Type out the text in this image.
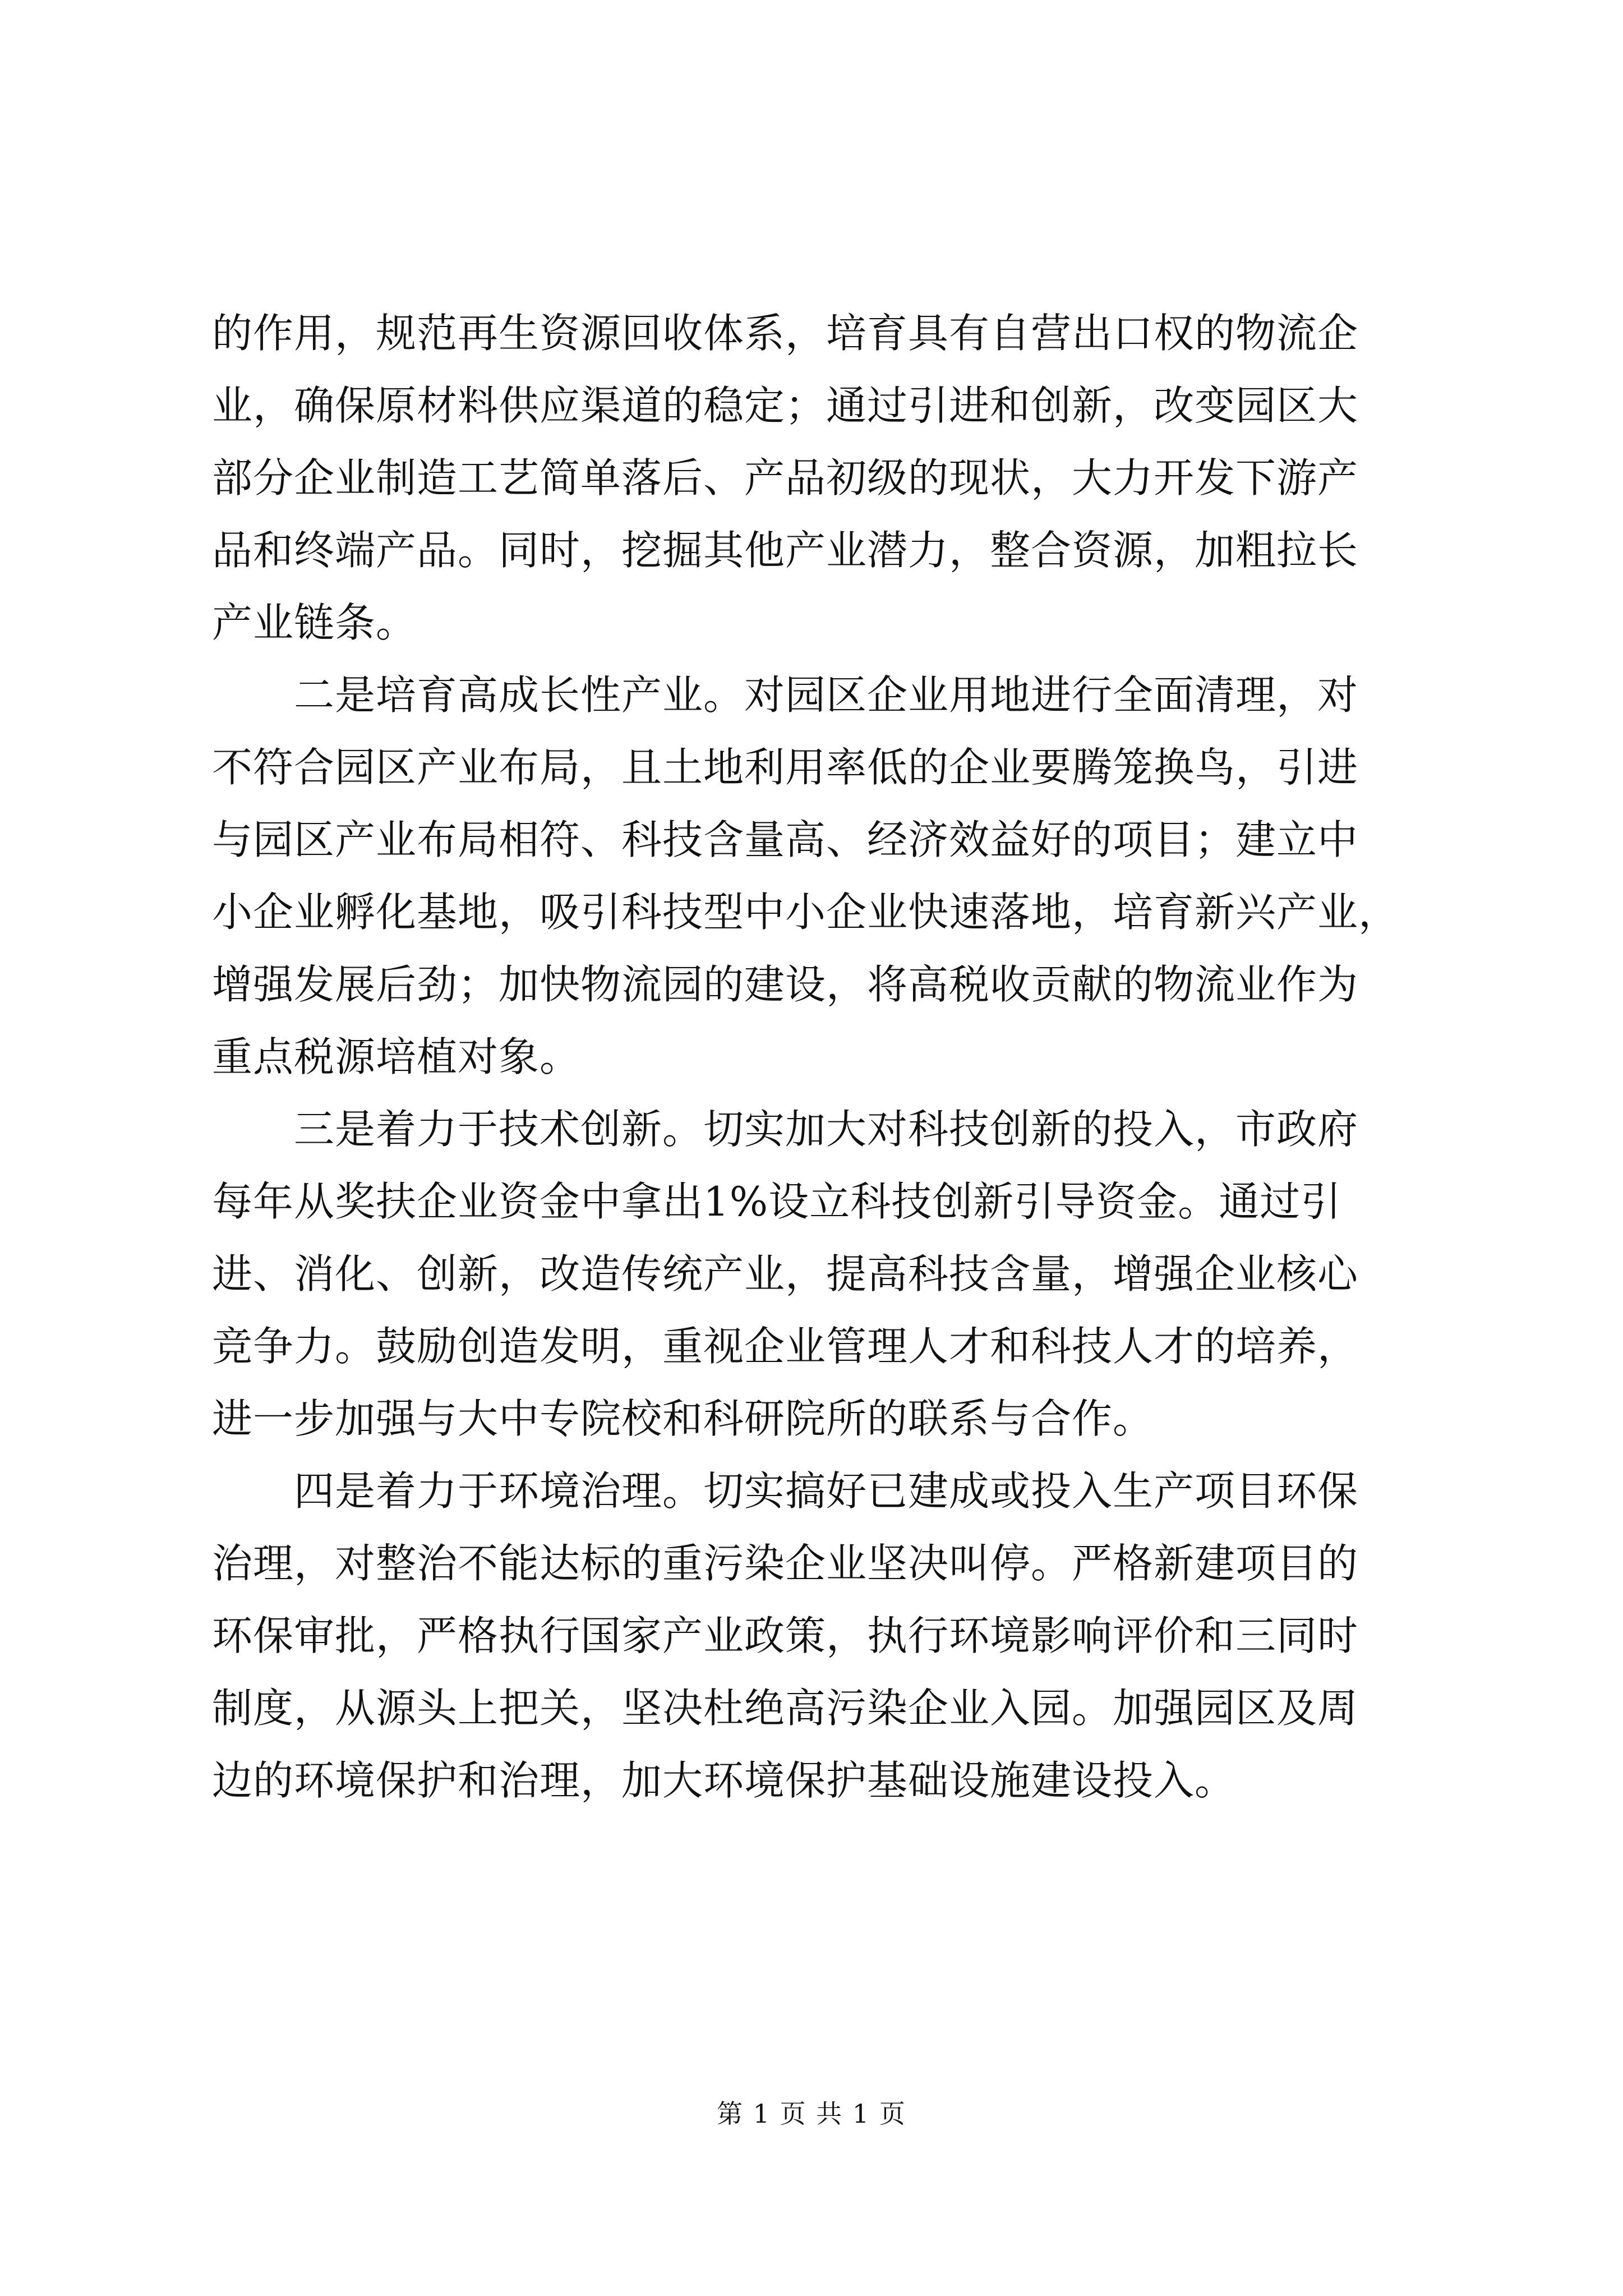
的作用，规范再生资源回收体系，培育具有自营出口权的物流企
业，确保原材料供应渠道的稳定；通过引进和创新，改变园区大
部分企业制造工艺简单落后、产品初级的现状，大力开发下游产
品和终端产品。同时，挖掘其他产业潜力，整合资源，加粗拉长
产业链条。

　　二是培育高成长性产业。对园区企业用地进行全面清理，对
不符合园区产业布局，且土地利用率低的企业要腾笼换鸟，引进
与园区产业布局相符、科技含量高、经济效益好的项目；建立中
小企业孵化基地，吸引科技型中小企业快速落地，培育新兴产业，
增强发展后劲；加快物流园的建设，将高税收贡献的物流业作为
重点税源培植对象。

　　三是着力于技术创新。切实加大对科技创新的投入，市政府
每年从奖扶企业资金中拿出1%设立科技创新引导资金。通过引
进、消化、创新，改造传统产业，提高科技含量，增强企业核心
竞争力。鼓励创造发明，重视企业管理人才和科技人才的培养，
进一步加强与大中专院校和科研院所的联系与合作。

　　四是着力于环境治理。切实搞好已建成或投入生产项目环保
治理，对整治不能达标的重污染企业坚决叫停。严格新建项目的
环保审批，严格执行国家产业政策，执行环境影响评价和三同时
制度，从源头上把关，坚决杜绝高污染企业入园。加强园区及周
边的环境保护和治理，加大环境保护基础设施建设投入。

第 1 页 共 1 页
